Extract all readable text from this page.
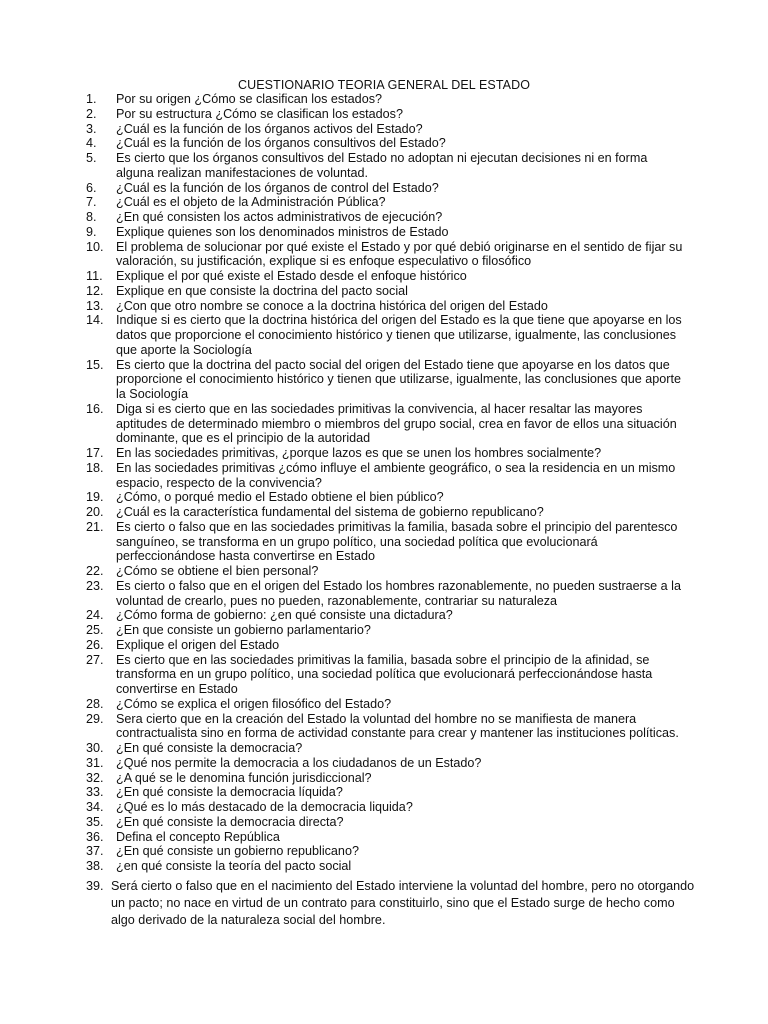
CUESTIONARIO TEORIA GENERAL DEL ESTADO
1.	Por su origen ¿Cómo se clasifican los estados?
2.	Por su estructura ¿Cómo se clasifican los estados?
3.	¿Cuál es la función de los órganos activos del Estado?
4.	¿Cuál es la función de los órganos consultivos del Estado?
5.	Es cierto que los órganos consultivos del Estado no adoptan ni ejecutan decisiones ni en forma alguna realizan manifestaciones de voluntad.
6.	¿Cuál es la función de los órganos de control del Estado?
7.	¿Cuál es el objeto de la Administración Pública?
8.	¿En qué consisten los actos administrativos de ejecución?
9.	Explique quienes son los denominados ministros de Estado
10. El problema de solucionar por qué existe el Estado y por qué debió originarse en el sentido de fijar su valoración, su justificación, explique si es enfoque especulativo o filosófico
11.	Explique el por qué existe el Estado desde el enfoque histórico
12. Explique en que consiste la doctrina del pacto social
13. ¿Con que otro nombre se conoce a la doctrina histórica del origen del Estado
14. Indique si es cierto que la doctrina histórica del origen del Estado es la que tiene que apoyarse en los datos que proporcione el conocimiento histórico y tienen que utilizarse, igualmente, las conclusiones que aporte la Sociología
15. Es cierto que la doctrina del pacto social del origen del Estado tiene que apoyarse en los datos que proporcione el conocimiento histórico y tienen que utilizarse, igualmente, las conclusiones que aporte la Sociología
16. Diga si es cierto que en las sociedades primitivas la convivencia, al hacer resaltar las mayores aptitudes de determinado miembro o miembros del grupo social, crea en favor de ellos una situación dominante, que es el principio de la autoridad
17. En las sociedades primitivas, ¿porque lazos es que se unen los hombres socialmente?
18. En las sociedades primitivas ¿cómo influye el ambiente geográfico, o sea la residencia en un mismo espacio, respecto de la convivencia?
19. ¿Cómo, o porqué medio el Estado obtiene el bien público?
20. ¿Cuál es la característica fundamental del sistema de gobierno republicano?
21. Es cierto o falso que en las sociedades primitivas la familia, basada sobre el principio del parentesco sanguíneo, se transforma en un grupo político, una sociedad política que evolucionará perfeccionándose hasta convertirse en Estado
22. ¿Cómo se obtiene el bien personal?
23. Es cierto o falso que en el origen del Estado los hombres razonablemente, no pueden sustraerse a la voluntad de crearlo, pues no pueden, razonablemente, contrariar su naturaleza
24. ¿Cómo forma de gobierno: ¿en qué consiste una dictadura?
25. ¿En que consiste un gobierno parlamentario?
26. Explique el origen del Estado
27. Es cierto que en las sociedades primitivas la familia, basada sobre el principio de la afinidad, se transforma en un grupo político, una sociedad política que evolucionará perfeccionándose hasta convertirse en Estado
28. ¿Cómo se explica el origen filosófico del Estado?
29. Sera cierto que en la creación del Estado la voluntad del hombre no se manifiesta de manera contractualista sino en forma de actividad constante para crear y mantener las instituciones políticas.
30. ¿En qué consiste la democracia?
31. ¿Qué nos permite la democracia a los ciudadanos de un Estado?
32. ¿A qué se le denomina función jurisdiccional?
33. ¿En qué consiste la democracia líquida?
34. ¿Qué es lo más destacado de la democracia liquida?
35. ¿En qué consiste la democracia directa?
36. Defina el concepto República
37. ¿En qué consiste un gobierno republicano?
38. ¿en qué consiste la teoría del pacto social
39. Será cierto o falso que en el nacimiento del Estado interviene la voluntad del hombre, pero no otorgando un pacto; no nace en virtud de un contrato para constituirlo, sino que el Estado surge de hecho como algo derivado de la naturaleza social del hombre.
